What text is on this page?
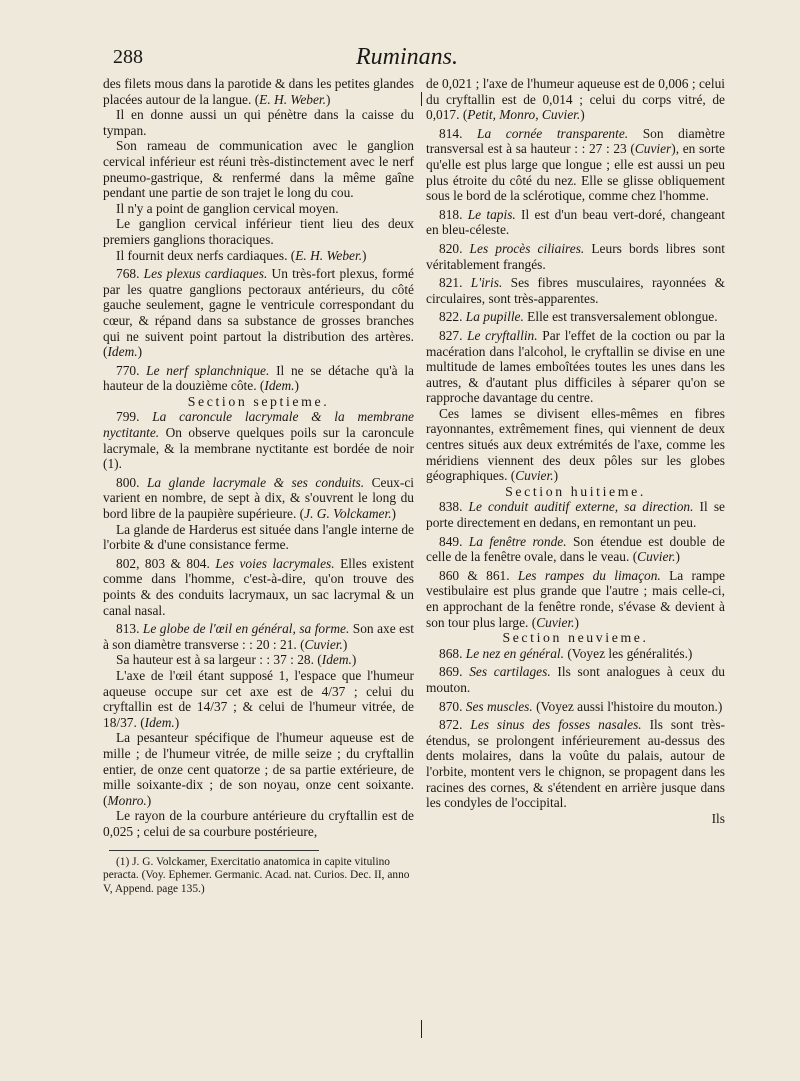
288	Ruminans.

des filets mous dans la parotide & dans les petites glandes placées autour de la langue. (E. H. Weber.)

Il en donne aussi un qui pénètre dans la caisse du tympan.

Son rameau de communication avec le ganglion cervical inférieur est réuni très-distinctement avec le nerf pneumo-gastrique, & renfermé dans la même gaîne pendant une partie de son trajet le long du cou.

Il n'y a point de ganglion cervical moyen.

Le ganglion cervical inférieur tient lieu des deux premiers ganglions thoraciques.

Il fournit deux nerfs cardiaques. (E. H. Weber.)

768. Les plexus cardiaques. Un très-fort plexus, formé par les quatre ganglions pectoraux antérieurs, du côté gauche seulement, gagne le ventricule correspondant du cœur, & répand dans sa substance de grosses branches qui ne suivent point partout la distribution des artères. (Idem.)

770. Le nerf splanchnique. Il ne se détache qu'à la hauteur de la douzième côte. (Idem.)

Section septieme.

799. La caroncule lacrymale & la membrane nyctitante. On observe quelques poils sur la caroncule lacrymale, & la membrane nyctitante est bordée de noir (1).

800. La glande lacrymale & ses conduits. Ceux-ci varient en nombre, de sept à dix, & s'ouvrent le long du bord libre de la paupière supérieure. (J. G. Volckamer.)

La glande de Harderus est située dans l'angle interne de l'orbite & d'une consistance ferme.

802, 803 & 804. Les voies lacrymales. Elles existent comme dans l'homme, c'est-à-dire, qu'on trouve des points & des conduits lacrymaux, un sac lacrymal & un canal nasal.

813. Le globe de l'œil en général, sa forme. Son axe est à son diamètre transverse : : 20 : 21. (Cuvier.)

Sa hauteur est à sa largeur : : 37 : 28. (Idem.)

L'axe de l'œil étant supposé 1, l'espace que l'humeur aqueuse occupe sur cet axe est de 4/37 ; celui du cryftallin est de 14/37 ; & celui de l'humeur vitrée, de 18/37. (Idem.)

La pesanteur spécifique de l'humeur aqueuse est de mille ; de l'humeur vitrée, de mille seize ; du cryftallin entier, de onze cent quatorze ; de sa partie extérieure, de mille soixante-dix ; de son noyau, onze cent soixante. (Monro.)

Le rayon de la courbure antérieure du cryftallin est de 0,025 ; celui de sa courbure postérieure,

(1) J. G. Volckamer, Exercitatio anatomica in capite vitulino peracta. (Voy. Ephemer. Germanic. Acad. nat. Curios. Dec. II, anno V, Append. page 135.)

de 0,021 ; l'axe de l'humeur aqueuse est de 0,006 ; celui du cryftallin est de 0,014 ; celui du corps vitré, de 0,017. (Petit, Monro, Cuvier.)

814. La cornée transparente. Son diamètre transversal est à sa hauteur : : 27 : 23 (Cuvier), en sorte qu'elle est plus large que longue ; elle est aussi un peu plus étroite du côté du nez. Elle se glisse obliquement sous le bord de la sclérotique, comme chez l'homme.

818. Le tapis. Il est d'un beau vert-doré, changeant en bleu-céleste.

820. Les procès ciliaires. Leurs bords libres sont véritablement frangés.

821. L'iris. Ses fibres musculaires, rayonnées & circulaires, sont très-apparentes.

822. La pupille. Elle est transversalement oblongue.

827. Le cryftallin. Par l'effet de la coction ou par la macération dans l'alcohol, le cryftallin se divise en une multitude de lames emboîtées toutes les unes dans les autres, & d'autant plus difficiles à séparer qu'on se rapproche davantage du centre.

Ces lames se divisent elles-mêmes en fibres rayonnantes, extrêmement fines, qui viennent de deux centres situés aux deux extrémités de l'axe, comme les méridiens viennent des deux pôles sur les globes géographiques. (Cuvier.)

Section huitieme.

838. Le conduit auditif externe, sa direction. Il se porte directement en dedans, en remontant un peu.

849. La fenêtre ronde. Son étendue est double de celle de la fenêtre ovale, dans le veau. (Cuvier.)

860 & 861. Les rampes du limaçon. La rampe vestibulaire est plus grande que l'autre ; mais celle-ci, en approchant de la fenêtre ronde, s'évase & devient à son tour plus large. (Cuvier.)

Section neuvieme.

868. Le nez en général. (Voyez les généralités.)

869. Ses cartilages. Ils sont analogues à ceux du mouton.

870. Ses muscles. (Voyez aussi l'histoire du mouton.)

872. Les sinus des fosses nasales. Ils sont très-étendus, se prolongent inférieurement au-dessus des dents molaires, dans la voûte du palais, autour de l'orbite, montent vers le chignon, se propagent dans les racines des cornes, & s'étendent en arrière jusque dans les condyles de l'occipital.

Ils
